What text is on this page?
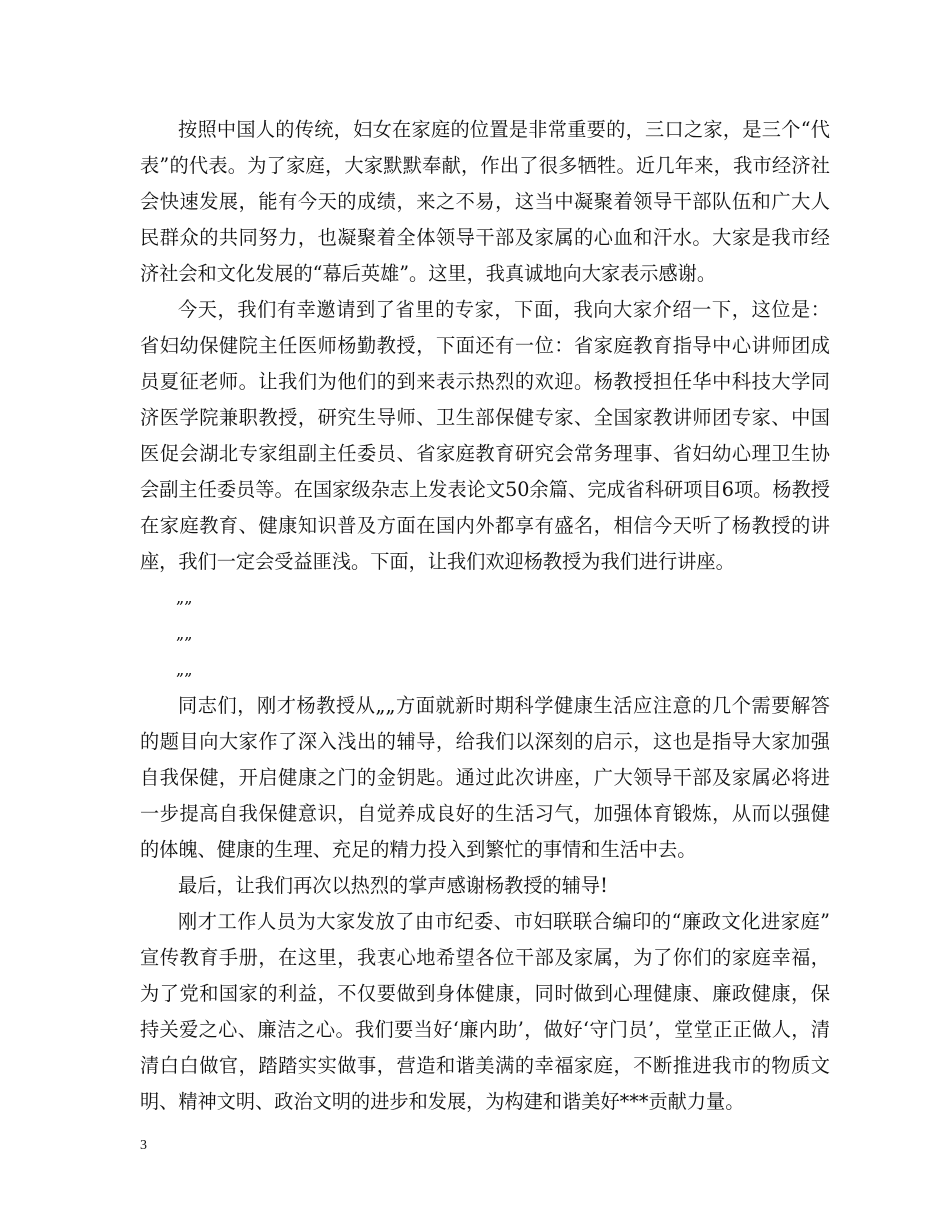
按照中国人的传统，妇女在家庭的位置是非常重要的，三口之家，是三个“代表”的代表。为了家庭，大家默默奉献，作出了很多牺牲。近几年来，我市经济社会快速发展，能有今天的成绩，来之不易，这当中凝聚着领导干部队伍和广大人民群众的共同努力，也凝聚着全体领导干部及家属的心血和汗水。大家是我市经济社会和文化发展的“幕后英雄”。这里，我真诚地向大家表示感谢。

今天，我们有幸邀请到了省里的专家，下面，我向大家介绍一下，这位是：省妇幼保健院主任医师杨勤教授，下面还有一位：省家庭教育指导中心讲师团成员夏征老师。让我们为他们的到来表示热烈的欢迎。杨教授担任华中科技大学同济医学院兼职教授，研究生导师、卫生部保健专家、全国家教讲师团专家、中国医促会湖北专家组副主任委员、省家庭教育研究会常务理事、省妇幼心理卫生协会副主任委员等。在国家级杂志上发表论文50余篇、完成省科研项目6项。杨教授在家庭教育、健康知识普及方面在国内外都享有盛名，相信今天听了杨教授的讲座，我们一定会受益匪浅。下面，让我们欢迎杨教授为我们进行讲座。

„„

„„

„„

同志们，刚才杨教授从„„方面就新时期科学健康生活应注意的几个需要解答的题目向大家作了深入浅出的辅导，给我们以深刻的启示，这也是指导大家加强自我保健，开启健康之门的金钥匙。通过此次讲座，广大领导干部及家属必将进一步提高自我保健意识，自觉养成良好的生活习气，加强体育锻炼，从而以强健的体魄、健康的生理、充足的精力投入到繁忙的事情和生活中去。

最后，让我们再次以热烈的掌声感谢杨教授的辅导!

刚才工作人员为大家发放了由市纪委、市妇联联合编印的“廉政文化进家庭”宣传教育手册，在这里，我衷心地希望各位干部及家属，为了你们的家庭幸福，为了党和国家的利益，不仅要做到身体健康，同时做到心理健康、廉政健康，保持关爱之心、廉洁之心。我们要当好‘廉内助’，做好‘守门员’，堂堂正正做人，清清白白做官，踏踏实实做事，营造和谐美满的幸福家庭，不断推进我市的物质文明、精神文明、政治文明的进步和发展，为构建和谐美好***贡献力量。

3
